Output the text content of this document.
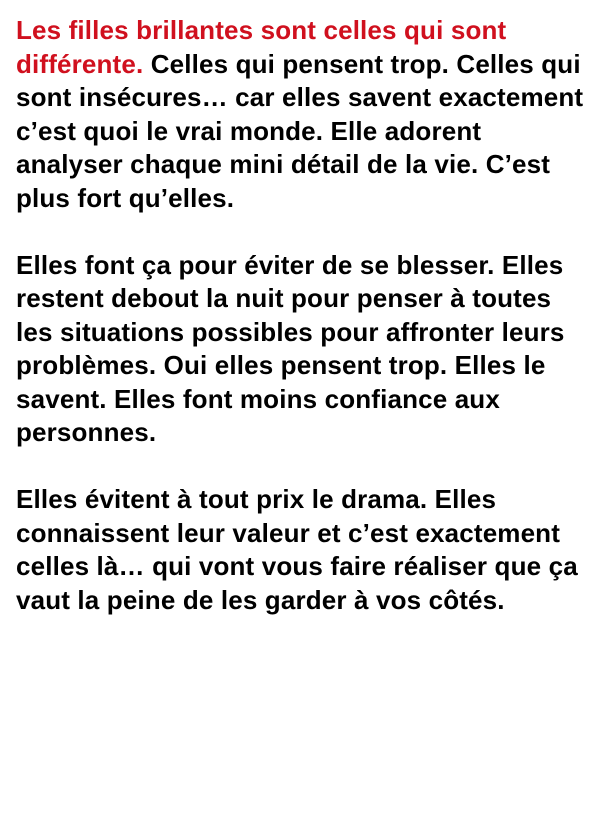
Les filles brillantes sont celles qui sont différente. Celles qui pensent trop. Celles qui sont insécures… car elles savent exactement c’est quoi le vrai monde. Elle adorent analyser chaque mini détail de la vie. C’est plus fort qu’elles.

Elles font ça pour éviter de se blesser. Elles restent debout la nuit pour penser à toutes les situations possibles pour affronter leurs problèmes. Oui elles pensent trop. Elles le savent. Elles font moins confiance aux personnes.

Elles évitent à tout prix le drama. Elles connaissent leur valeur et c’est exactement celles là… qui vont vous faire réaliser que ça vaut la peine de les garder à vos côtés.
